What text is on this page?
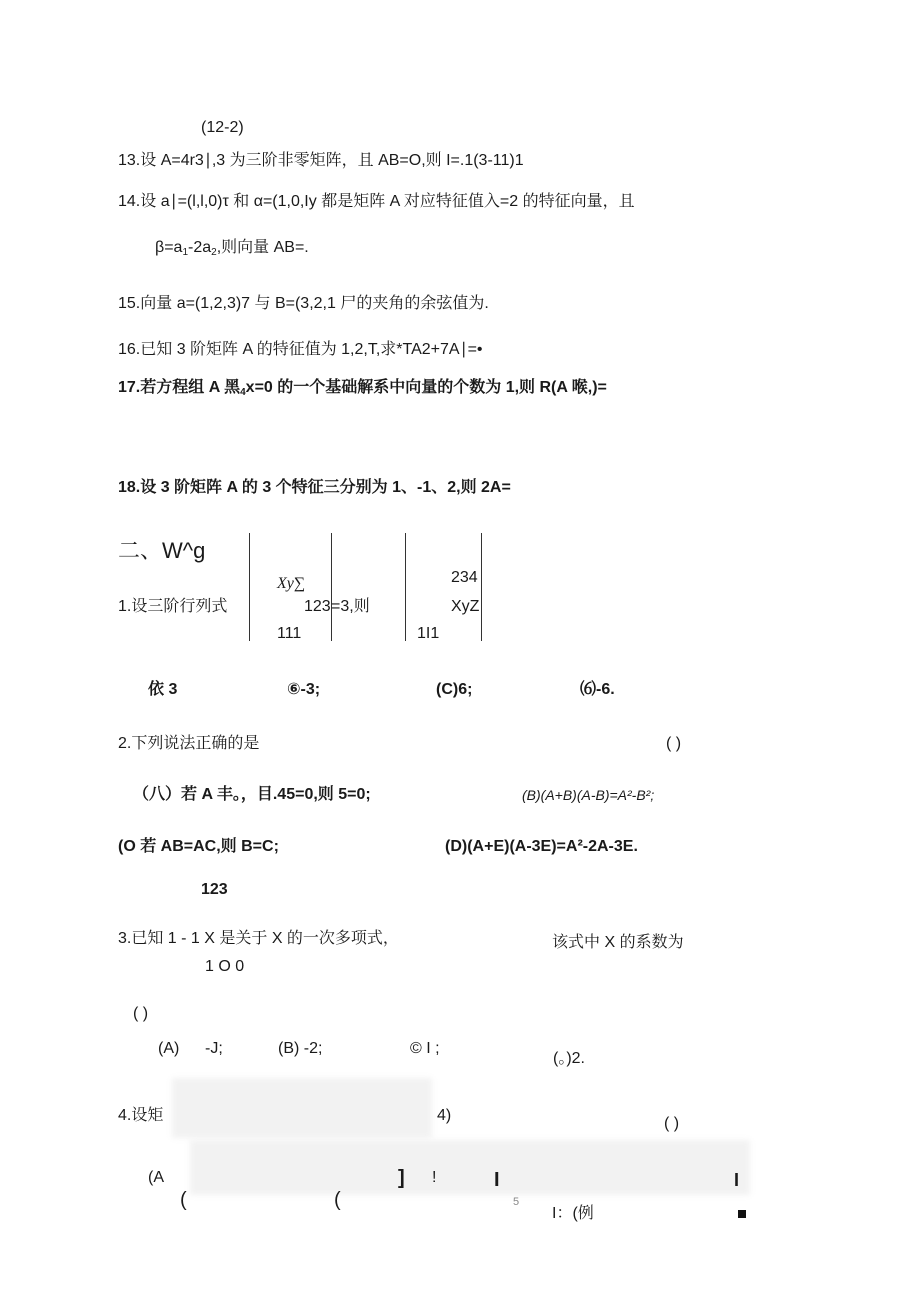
(12-2)
13.设 A=4r3∣,3 为三阶非零矩阵，且 AB=O,则 I=.1(3-11)1
14.设 a∣=(l,l,0)τ 和 α=(1,0,Iy 都是矩阵 A 对应特征值入=2 的特征向量，且
$\beta=a_1-2a_2$,则向量 AB=.
15.向量 a=(1,2,3)7 与 B=(3,2,1 尸的夹角的余弦值为.
16.已知 3 阶矩阵 A 的特征值为 1,2,T,求*TA2+7A∣=•
17.若方程组 A 黑$_4$x=0 的一个基础解系中向量的个数为 1,则 R(A 喉,)=
18.设 3 阶矩阵 A 的 3 个特征三分别为 1、-1、2,则 2A=
二、W^g
1.设三阶行列式
Xy∑
123 =3,则
111
234
XyZ
1I1
依 3	⑥-3;	(C)6;	⑹-6.
2.下列说法正确的是	( )
（八）若 A 丰。，目.45=0,则 5=0;	(B)(A+B)(A-B)=A²-B²;
(O 若 AB=AC,则 B=C;	(D)(A+E)(A-3E)=A²-2A-3E.
123
3.已知 1 - 1 X 是关于 X 的一次多项式，	该式中 X 的系数为
1 O 0
( )
(A) -J;	(B) -2;	© I ;
(。)2.
4.设矩	4)	( )
(A
(	(
] !	I
5
I：(例
I
